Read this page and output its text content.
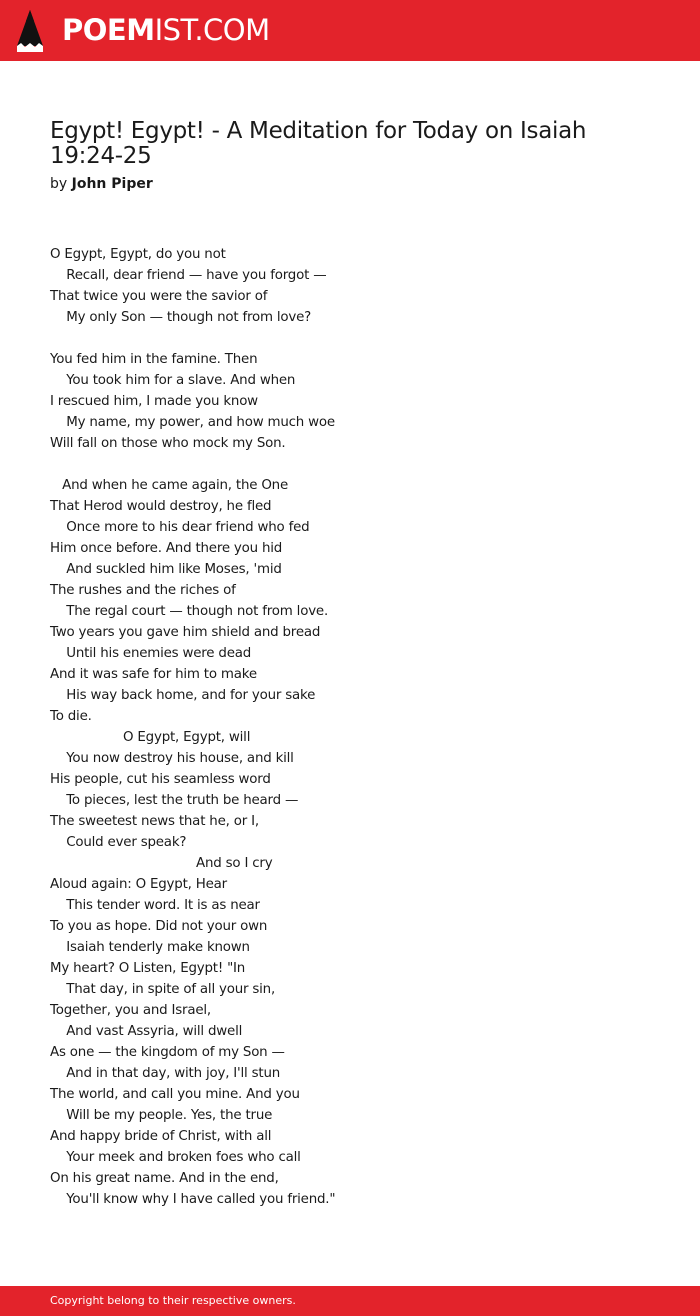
POEMIST.COM
Egypt! Egypt! - A Meditation for Today on Isaiah 19:24-25
by John Piper
O Egypt, Egypt, do you not
Recall, dear friend — have you forgot —
That twice you were the savior of
My only Son — though not from love?
You fed him in the famine. Then
You took him for a slave. And when
I rescued him, I made you know
My name, my power, and how much woe
Will fall on those who mock my Son.
And when he came again, the One
That Herod would destroy, he fled
Once more to his dear friend who fed
Him once before. And there you hid
And suckled him like Moses, 'mid
The rushes and the riches of
The regal court — though not from love.
Two years you gave him shield and bread
Until his enemies were dead
And it was safe for him to make
His way back home, and for your sake
To die.
O Egypt, Egypt, will
You now destroy his house, and kill
His people, cut his seamless word
To pieces, lest the truth be heard —
The sweetest news that he, or I,
Could ever speak?
And so I cry
Aloud again: O Egypt, Hear
This tender word. It is as near
To you as hope. Did not your own
Isaiah tenderly make known
My heart? O Listen, Egypt! "In
That day, in spite of all your sin,
Together, you and Israel,
And vast Assyria, will dwell
As one — the kingdom of my Son —
And in that day, with joy, I'll stun
The world, and call you mine. And you
Will be my people. Yes, the true
And happy bride of Christ, with all
Your meek and broken foes who call
On his great name. And in the end,
You'll know why I have called you friend."
Copyright belong to their respective owners.
